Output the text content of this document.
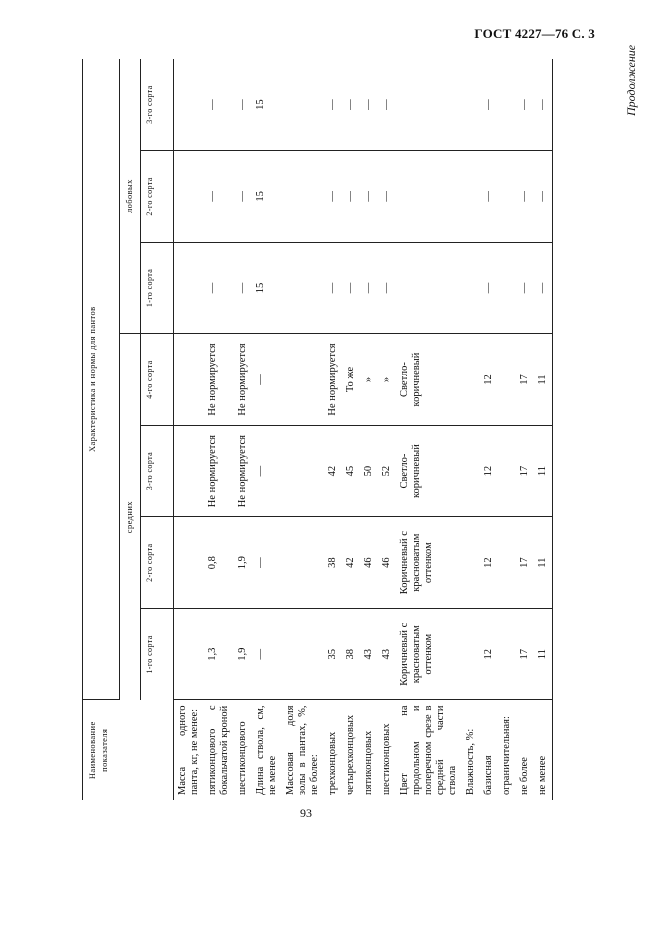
ГОСТ 4227—76 С. 3
Продолжение
Наименование показателя	Характеристика и нормы для пантов						
	средних				лобовых		
	1-го сорта	2-го сорта	3-го сорта	4-го сорта	1-го сорта	2-го сорта	3-го сорта
Масса одного панта, кг, не менее:							
пятиконцового с бокальчатой кроной	1,3	0,8	Не нормируется	Не нормируется	—	—	—
шестиконцового	1,9	1,9	Не нормируется	Не нормируется	—	—	—
Длина ствола, см, не менее	—	—	—	—	15	15	15
Массовая доля золы в пантах, %, не более:							
трехконцовых	35	38	42	Не нормируется	—	—	—
четырехконцовых	38	42	45	То же	—	—	—
пятиконцовых	43	46	50	»	—	—	—
шестиконцовых	43	46	52	»	—	—	—
Цвет на продольном и поперечном срезе в средней части ствола	Коричневый с красноватым оттенком	Коричневый с красноватым оттенком	Светло-коричневый	Светло-коричневый			
Влажность, %:							
базисная	12	12	12	12	—	—	—
ограничительная:							
не более	17	17	17	17	—	—	—
не менее	11	11	11	11	—	—	—
93
